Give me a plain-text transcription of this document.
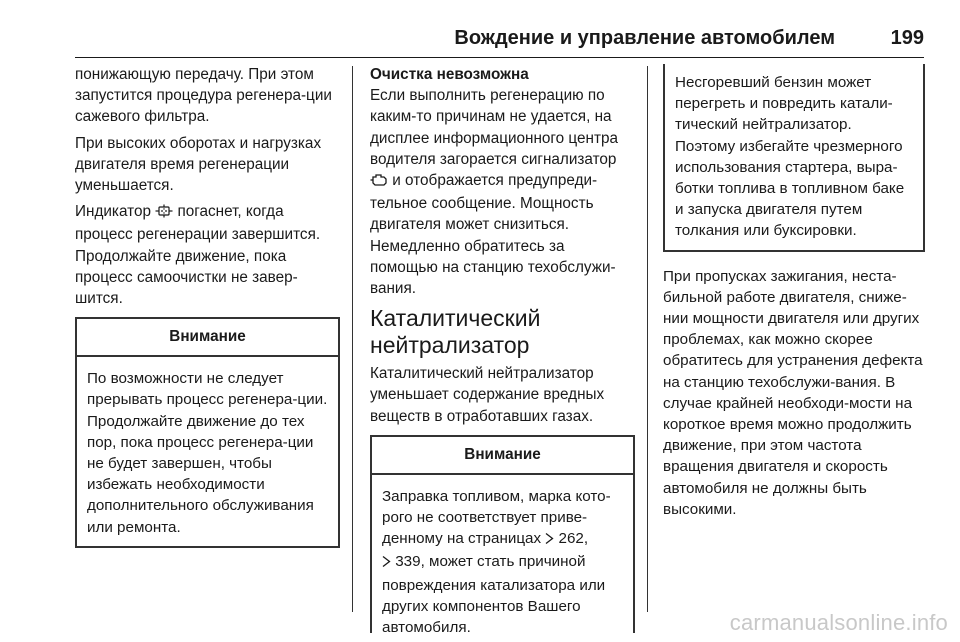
Вождение и управление автомобилем	199
понижающую передачу. При этом запустится процедура регенера-ции сажевого фильтра.
При высоких оборотах и нагрузках двигателя время регенерации уменьшается.
Индикатор  погаснет, когда процесс регенерации завершится. Продолжайте движение, пока процесс самоочистки не завер-шится.
Внимание
По возможности не следует прерывать процесс регенера-ции. Продолжайте движение до тех пор, пока процесс регенера-ции не будет завершен, чтобы избежать необходимости дополнительного обслуживания или ремонта.
Очистка невозможна
Если выполнить регенерацию по каким-то причинам не удается, на дисплее информационного центра водителя загорается сигнализатор  и отображается предупреди-тельное сообщение. Мощность двигателя может снизиться. Немедленно обратитесь за помощью на станцию техобслужи-вания.
Каталитический нейтрализатор
Каталитический нейтрализатор уменьшает содержание вредных веществ в отработавших газах.
Внимание
Заправка топливом, марка кото-рого не соответствует приве-денному на страницах  262,
339, может стать причиной повреждения катализатора или других компонентов Вашего автомобиля.
Несгоревший бензин может перегреть и повредить катали-тический нейтрализатор. Поэтому избегайте чрезмерного использования стартера, выра-ботки топлива в топливном баке и запуска двигателя путем толкания или буксировки.
При пропусках зажигания, неста-бильной работе двигателя, сниже-нии мощности двигателя или других проблемах, как можно скорее обратитесь для устранения дефекта на станцию техобслужи-вания. В случае крайней необходи-мости на короткое время можно продолжить движение, при этом частота вращения двигателя и скорость автомобиля не должны быть высокими.
carmanualsonline.info
